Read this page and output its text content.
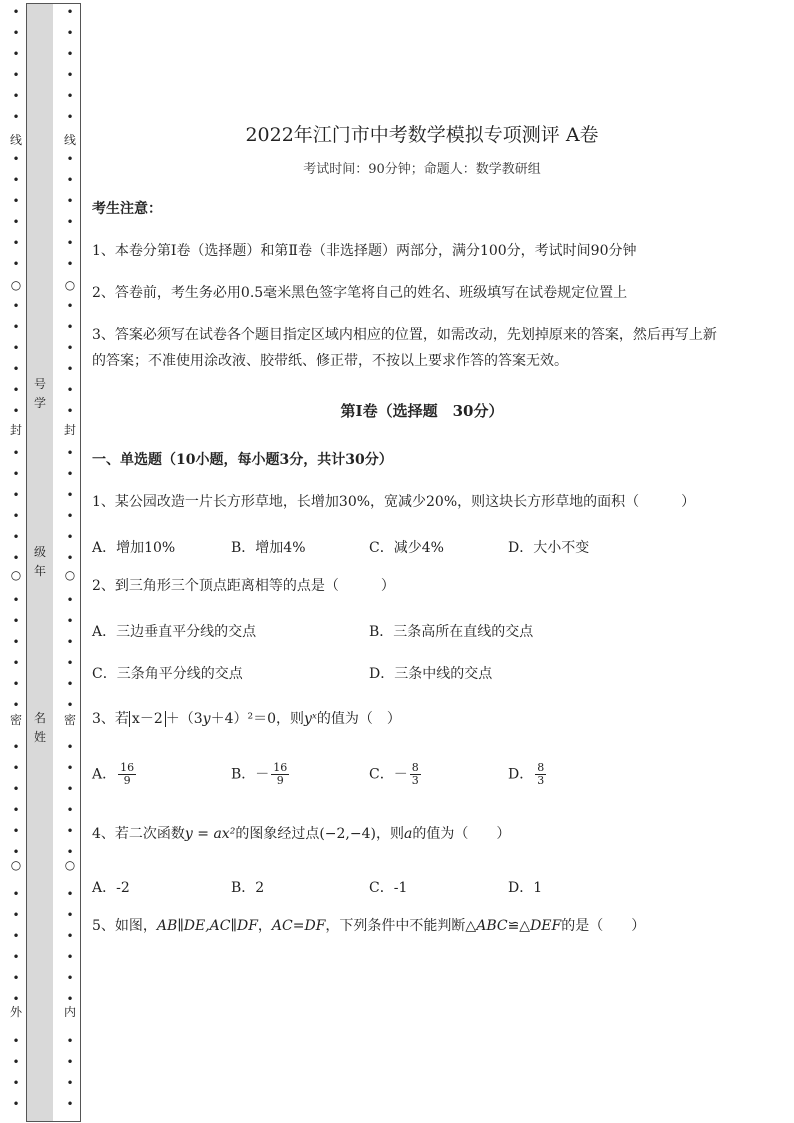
•
•
•
•
•
•
•
•
•
•
•
•
•
•
•
•
•
•
•
•
•
•
•
•
•
•
•
•
•
•
•
•
•
•
•
•
•
•
•
•
•
•
•
•
•
•
线
○
封
○
密
○
外
•
•
•
•
•
•
•
•
•
•
•
•
•
•
•
•
•
•
•
•
•
•
•
•
•
•
•
•
•
•
•
•
•
•
•
•
•
•
•
•
•
•
•
•
•
•
线
○
封
○
密
○
内
号
学
级
年
名
姓
2022年江门市中考数学模拟专项测评 A卷
考试时间：90分钟；命题人：数学教研组
考生注意：
1、本卷分第I卷（选择题）和第Ⅱ卷（非选择题）两部分，满分100分，考试时间90分钟
2、答卷前，考生务必用0.5毫米黑色签字笔将自己的姓名、班级填写在试卷规定位置上
3、答案必须写在试卷各个题目指定区域内相应的位置，如需改动，先划掉原来的答案，然后再写上新
的答案；不准使用涂改液、胶带纸、修正带，不按以上要求作答的答案无效。
第I卷（选择题　30分）
一、单选题（10小题，每小题3分，共计30分）
1、某公园改造一片长方形草地，长增加30%，宽减少20%，则这块长方形草地的面积（　　　）
A．增加10%	B．增加4%	C．减少4%	D．大小不变
2、到三角形三个顶点距离相等的点是（　　　）
A．三边垂直平分线的交点	B．三条高所在直线的交点
C．三条角平分线的交点	D．三条中线的交点
3、若 x－2 ＋（3y＋4）²＝0，则yˣ的值为（　）
A． $\frac{16}{9}$	B．－ $\frac{16}{9}$	C．－ $\frac{8}{3}$	D． $\frac{8}{3}$
4、若二次函数y = ax²的图象经过点(−2,−4)，则a的值为（　　）
A．-2	B．2	C．-1	D．1
5、如图，AB∥DE,AC∥DF，AC=DF，下列条件中不能判断△ABC≌△DEF的是（　　）
